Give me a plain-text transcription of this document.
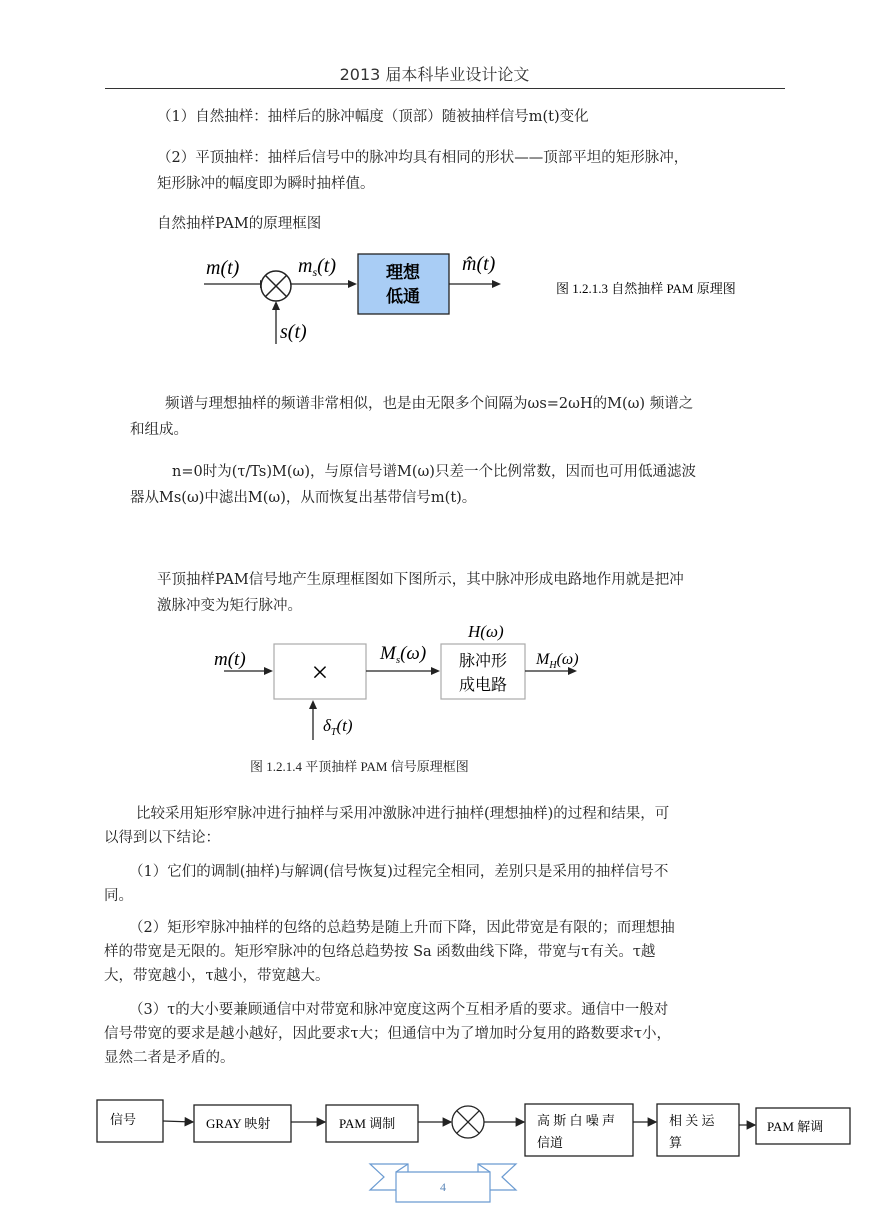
2013 届本科毕业设计论文
（1）自然抽样：抽样后的脉冲幅度（顶部）随被抽样信号m(t)变化
（2）平顶抽样：抽样后信号中的脉冲均具有相同的形状——顶部平坦的矩形脉冲，
矩形脉冲的幅度即为瞬时抽样值。
自然抽样PAM的原理框图
m(t)	$m_s(t)$	理想
低通
m̂(t)
s(t)
图 1.2.1.3 自然抽样 PAM 原理图
频谱与理想抽样的频谱非常相似，也是由无限多个间隔为ωs=2ωH的M(ω) 频谱之
和组成。
n=0时为(τ/Ts)M(ω)，与原信号谱M(ω)只差一个比例常数，因而也可用低通滤波
器从Ms(ω)中滤出M(ω)，从而恢复出基带信号m(t)。
平顶抽样PAM信号地产生原理框图如下图所示，其中脉冲形成电路地作用就是把冲
激脉冲变为矩行脉冲。
m(t) ×
$M_s(\omega)$
H(ω)
脉冲形
成电路
$M_H(\omega)$
$\delta_T(t)$
图 1.2.1.4 平顶抽样 PAM 信号原理框图
比较采用矩形窄脉冲进行抽样与采用冲激脉冲进行抽样(理想抽样)的过程和结果，可
以得到以下结论：
（1）它们的调制(抽样)与解调(信号恢复)过程完全相同，差别只是采用的抽样信号不
同。
（2）矩形窄脉冲抽样的包络的总趋势是随上升而下降，因此带宽是有限的；而理想抽
样的带宽是无限的。矩形窄脉冲的包络总趋势按 Sa 函数曲线下降，带宽与τ有关。τ越
大，带宽越小，τ越小，带宽越大。
（3）τ的大小要兼顾通信中对带宽和脉冲宽度这两个互相矛盾的要求。通信中一般对
信号带宽的要求是越小越好，因此要求τ大；但通信中为了增加时分复用的路数要求τ小，
显然二者是矛盾的。
信号	GRAY 映射	PAM 调制	高 斯 白 噪 声
信道
相 关 运
算
PAM 解调
4
